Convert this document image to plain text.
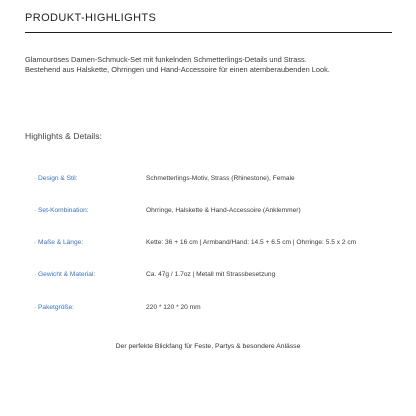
PRODUKT-HIGHLIGHTS

Glamouröses Damen-Schmuck-Set mit funkelnden Schmetterlings-Details und Strass.
Bestehend aus Halskette, Ohrringen und Hand-Accessoire für einen atemberaubenden Look.

Highlights & Details:
· Design & Stil:	Schmetterlings-Motiv, Strass (Rhinestone), Female
· Set-Kombination:	Ohrringe, Halskette & Hand-Accessoire (Anklemmer)
· Maße & Länge:	Kette: 36 + 16 cm | Armband/Hand: 14.5 + 6.5 cm | Ohrringe: 5.5 x 2 cm
· Gewicht & Material:	Ca. 47g / 1.7oz | Metall mit Strassbesetzung
· Paketgröße:	220 * 120 * 20 mm

Der perfekte Blickfang für Feste, Partys & besondere Anlässe
